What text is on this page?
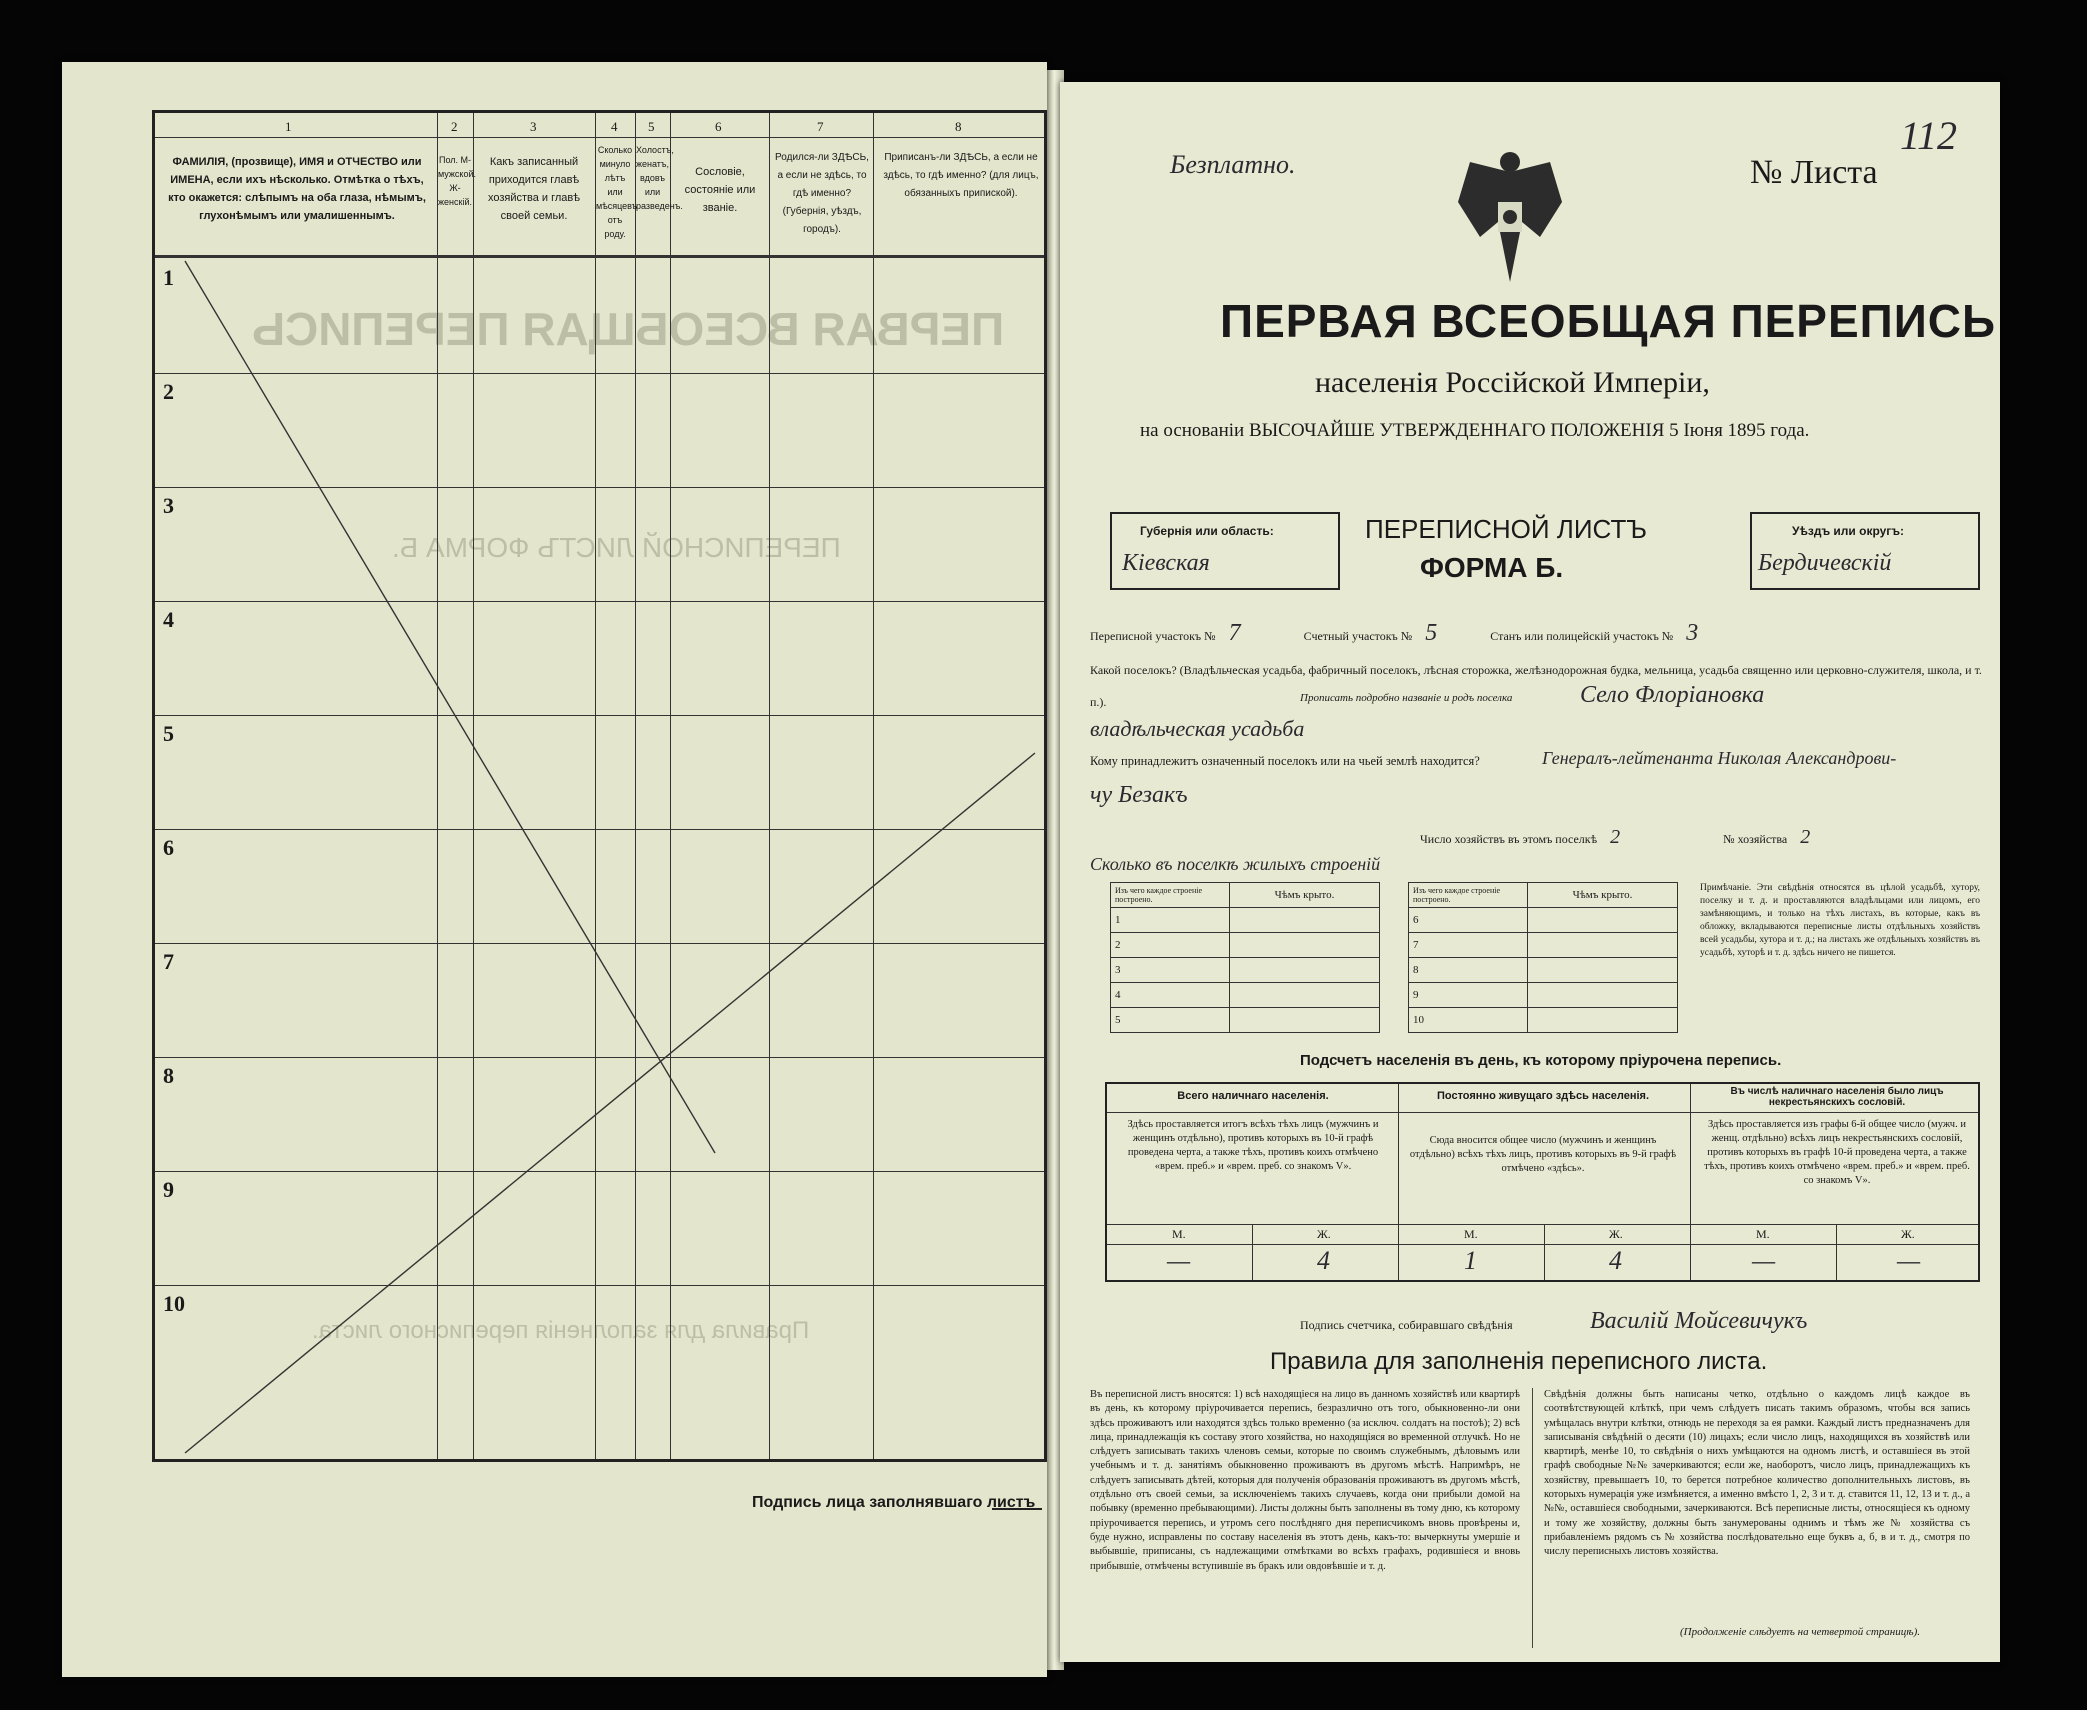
ПЕРВАЯ ВСЕОБЩАЯ ПЕРЕПИСЬ
ПЕРЕПИСНОЙ ЛИСТЪ ФОРМА Б.
Правила для заполненія переписного листа.
1	2	3	4 5	6	7	8
ФАМИЛІЯ, (прозвище), ИМЯ и ОТЧЕСТВО или ИМЕНА, если ихъ нѣсколько. Отмѣтка о тѣхъ, кто окажется: слѣпымъ на оба глаза, нѣмымъ, глухонѣмымъ или умалишеннымъ.
Пол. М-мужской. Ж-женскій.
Какъ записанный приходится главѣ хозяйства и главѣ своей семьи.
Сколько минуло лѣтъ или мѣсяцевъ отъ роду.
Холостъ, женатъ, вдовъ или разведенъ.
Сословіе, состояніе или званіе.
Родился-ли ЗДѢСЬ, а если не здѣсь, то гдѣ именно? (Губернія, уѣздъ, городъ).
Приписанъ-ли ЗДѢСЬ, а если не здѣсь, то гдѣ именно? (для лицъ, обязанныхъ припиской).
1
2
3
4
5
6
7
8
9
10
Подпись лица заполнявшаго листъ
Безплатно.	№ Листа
112
ПЕРВАЯ ВСЕОБЩАЯ ПЕРЕПИСЬ
населенія Россійской Имперіи,
на основаніи ВЫСОЧАЙШЕ УТВЕРЖДЕННАГО ПОЛОЖЕНІЯ 5 Іюня 1895 года.
Губернія или область:
Кіевская
ПЕРЕПИСНОЙ ЛИСТЪ
ФОРМА Б.
Уѣздъ или округъ:
Бердичевскій
Переписной участокъ № 7	Счетный участокъ № 5	Станъ или полицейскій участокъ № 3
Какой поселокъ? (Владѣльческая усадьба, фабричный поселокъ, лѣсная сторожка, желѣзнодорожная будка, мельница, усадьба священно или церковно-служителя, школа, и т. п.).	Прописать подробно названіе и родъ поселка	Село Флоріановка
владѣльческая усадьба
Кому принадлежитъ означенный поселокъ или на чьей землѣ находится?	Генералъ-лейтенанта Николая Александрови-
чу Безакъ
Число хозяйствъ въ этомъ поселкѣ 2	№ хозяйства 2
Сколько въ поселкѣ жилыхъ строеній
Изъ чего каждое строеніе построено.	Чѣмъ крыто.
1	
2	
3	
4	
5	
Изъ чего каждое строеніе построено.	Чѣмъ крыто.
6	
7	
8	
9	
10	
Примѣчаніе. Эти свѣдѣнія относятся въ цѣлой усадьбѣ, хутору, поселку и т. д. и проставляются владѣльцами или лицомъ, его замѣняющимъ, и только на тѣхъ листахъ, въ которые, какъ въ обложку, вкладываются переписные листы отдѣльныхъ хозяйствъ всей усадьбы, хутора и т. д.; на листахъ же отдѣльныхъ хозяйствъ въ усадьбѣ, хуторѣ и т. д. здѣсь ничего не пишется.
Подсчетъ населенія въ день, къ которому пріурочена перепись.
Всего наличнаго населенія.	Постоянно живущаго здѣсь населенія.	Въ числѣ наличнаго населенія было лицъ некрестьянскихъ сословій.
Здѣсь проставляется итогъ всѣхъ тѣхъ лицъ (мужчинъ и женщинъ отдѣльно), противъ которыхъ въ 10-й графѣ проведена черта, а также тѣхъ, противъ коихъ отмѣчено «врем. преб.» и «врем. преб. со знакомъ V».
Сюда вносится общее число (мужчинъ и женщинъ отдѣльно) всѣхъ тѣхъ лицъ, противъ которыхъ въ 9-й графѣ отмѣчено «здѣсь».
Здѣсь проставляется изъ графы 6-й общее число (мужч. и женщ. отдѣльно) всѣхъ лицъ некрестьянскихъ сословій, противъ которыхъ въ графѣ 10-й проведена черта, а также тѣхъ, противъ коихъ отмѣчено «врем. преб.» и «врем. преб. со знакомъ V».
М.	Ж.	М.	Ж.	М.	Ж.
—	4	1	4	—	—
Подпись счетчика, собиравшаго свѣдѣнія	Василій Мойсевичукъ
Правила для заполненія переписного листа.
Въ переписной листъ вносятся: 1) всѣ находящіеся на лицо въ данномъ хозяйствѣ или квартирѣ въ день, къ которому пріурочивается перепись, безразлично отъ того, обыкновенно-ли они здѣсь проживаютъ или находятся здѣсь только временно (за исключ. солдатъ на постоѣ); 2) всѣ лица, принадлежащія къ составу этого хозяйства, но находящіяся во временной отлучкѣ. Но не слѣдуетъ записывать такихъ членовъ семьи, которые по своимъ служебнымъ, дѣловымъ или учебнымъ и т. д. занятіямъ обыкновенно проживаютъ въ другомъ мѣстѣ. Напримѣръ, не слѣдуетъ записывать дѣтей, которыя для полученія образованія проживаютъ въ другомъ мѣстѣ, отдѣльно отъ своей семьи, за исключеніемъ такихъ случаевъ, когда они прибыли домой на побывку (временно пребывающими). Листы должны быть заполнены въ тому дню, къ которому пріурочивается перепись, и утромъ сего послѣдняго дня переписчикомъ вновь провѣрены и, буде нужно, исправлены по составу населенія въ этотъ день, какъ-то: вычеркнуты умершіе и выбывшіе, приписаны, съ надлежащими отмѣтками во всѣхъ графахъ, родившіеся и вновь прибывшіе, отмѣчены вступившіе въ бракъ или овдовѣвшіе и т. д.
Свѣдѣнія должны быть написаны четко, отдѣльно о каждомъ лицѣ каждое въ соотвѣтствующей клѣткѣ, при чемъ слѣдуетъ писать такимъ образомъ, чтобы вся запись умѣщалась внутри клѣтки, отнюдь не переходя за ея рамки. Каждый листъ предназначенъ для записыванія свѣдѣній о десяти (10) лицахъ; если число лицъ, находящихся въ хозяйствѣ или квартирѣ, менѣе 10, то свѣдѣнія о нихъ умѣщаются на одномъ листѣ, и оставшіеся въ этой графѣ свободные №№ зачеркиваются; если же, наоборотъ, число лицъ, принадлежащихъ къ хозяйству, превышаетъ 10, то берется потребное количество дополнительныхъ листовъ, въ которыхъ нумерація уже измѣняется, а именно вмѣсто 1, 2, 3 и т. д. ставится 11, 12, 13 и т. д., а №№, оставшіеся свободными, зачеркиваются. Всѣ переписные листы, относящіеся къ одному и тому же хозяйству, должны быть занумерованы однимъ и тѣмъ же № хозяйства съ прибавленіемъ рядомъ съ № хозяйства послѣдовательно еще буквъ а, б, в и т. д., смотря по числу переписныхъ листовъ хозяйства.
(Продолженіе слѣдуетъ на четвертой страницѣ).
